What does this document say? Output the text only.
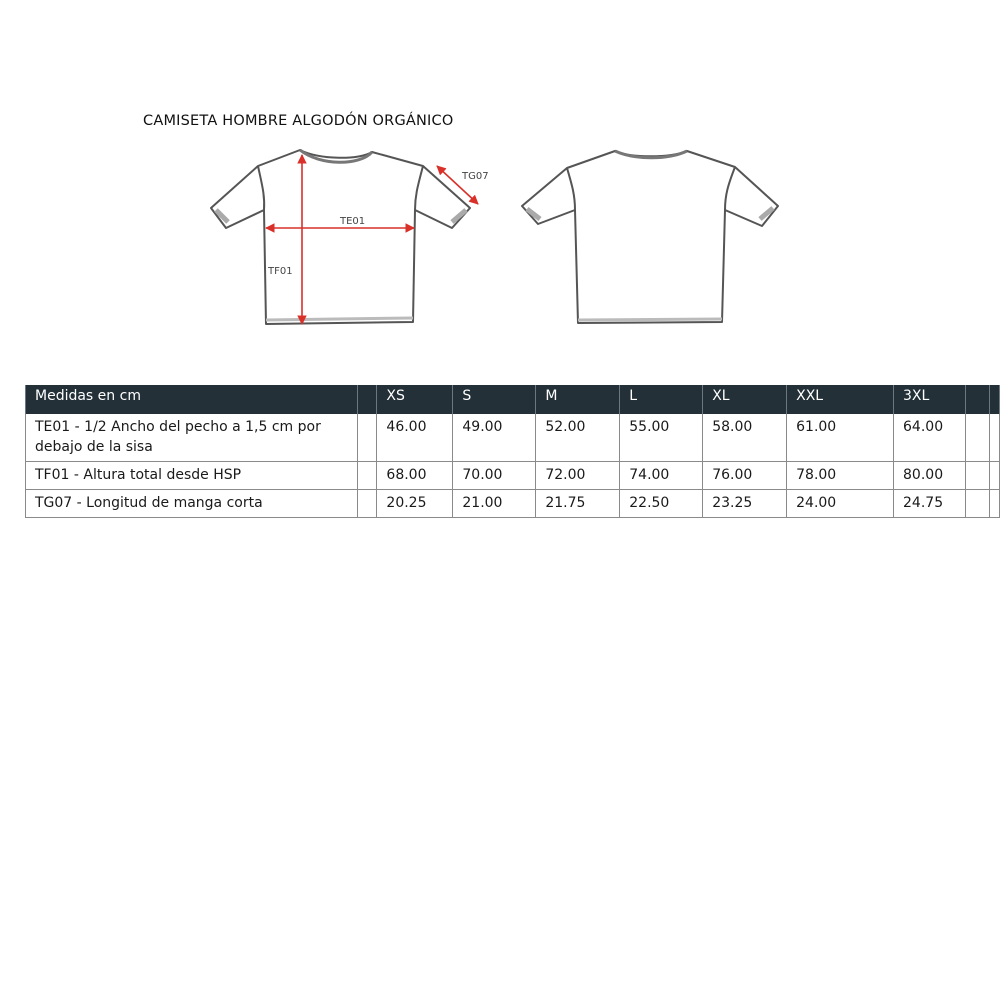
CAMISETA HOMBRE ALGODÓN ORGÁNICO
TE01
TF01
TG07
Medidas en cm		XS	S	M	L	XL	XXL	3XL		
TE01 - 1/2 Ancho del pecho a 1,5 cm por debajo de la sisa		46.00	49.00	52.00	55.00	58.00	61.00	64.00		
TF01 - Altura total desde HSP		68.00	70.00	72.00	74.00	76.00	78.00	80.00		
TG07 - Longitud de manga corta		20.25	21.00	21.75	22.50	23.25	24.00	24.75		
